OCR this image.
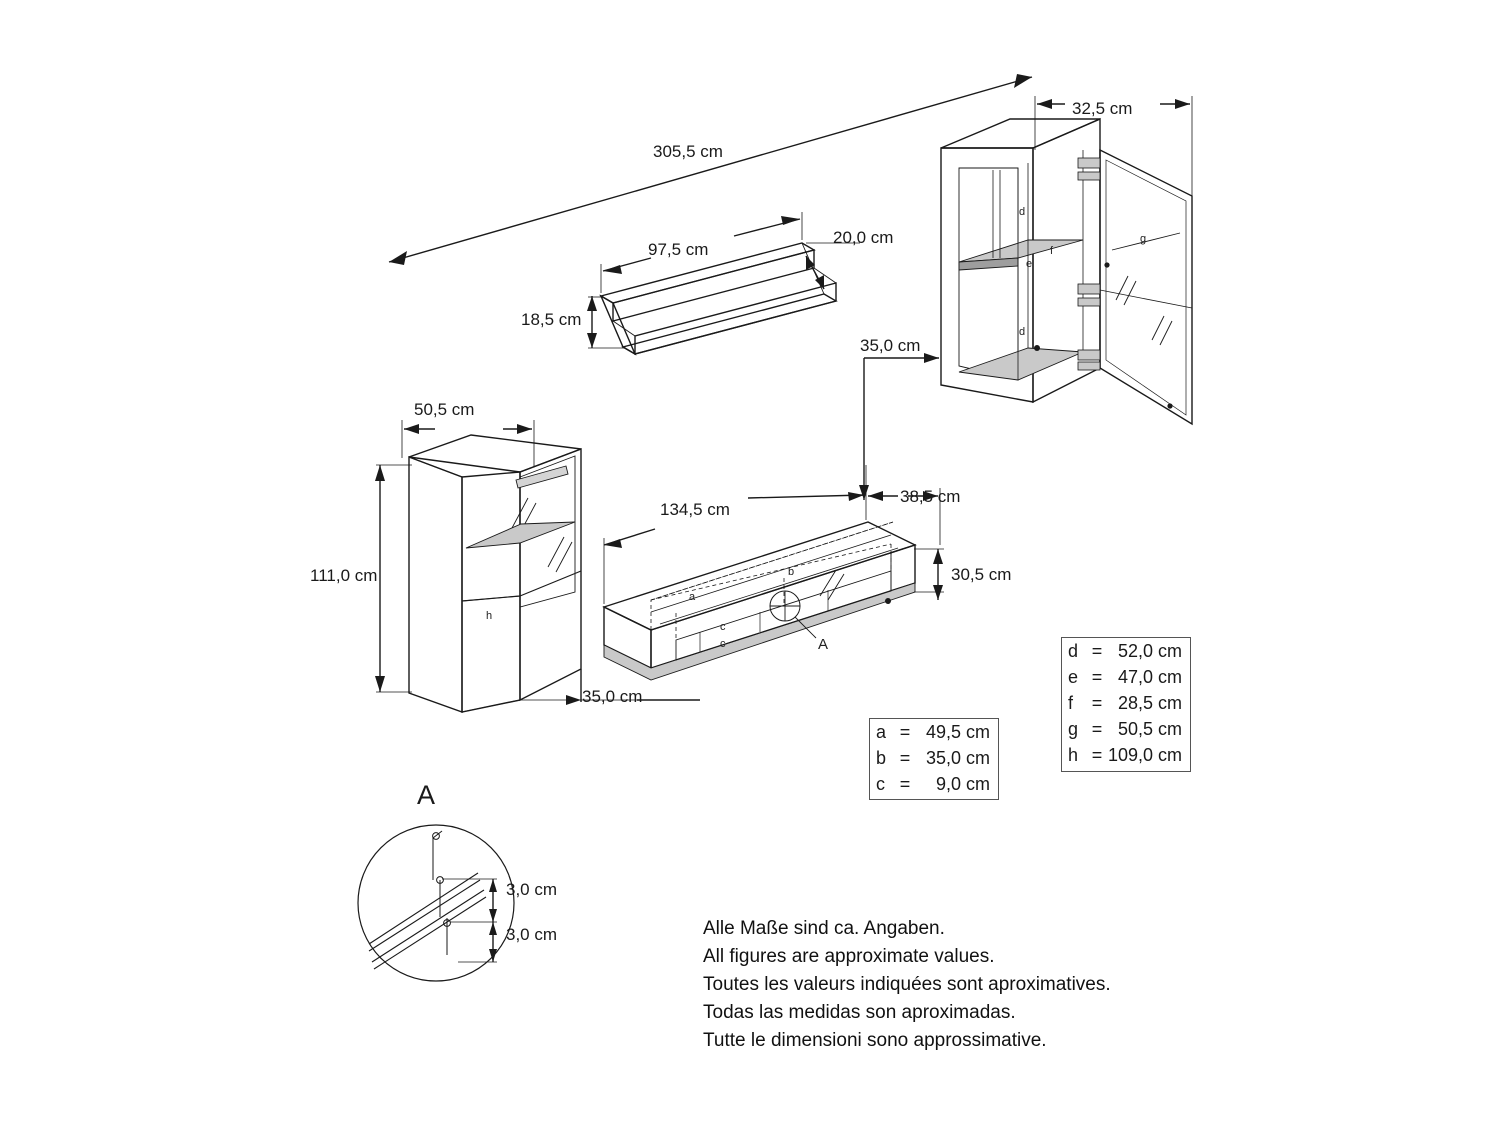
305,5 cm
32,5 cm
97,5 cm
20,0 cm
18,5 cm
35,0 cm
50,5 cm
111,0 cm
134,5 cm
38,5 cm
30,5 cm
35,0 cm
3,0 cm
3,0 cm
a
b
c
c
d
d
e
f
g
h
A
A
a = 49,5 cm
b = 35,0 cm
c =	9,0 cm
d = 52,0 cm
e = 47,0 cm
f	= 28,5 cm
g = 50,5 cm
h = 109,0 cm
Alle Maße sind ca. Angaben.
All figures are approximate values.
Toutes les valeurs indiquées sont aproximatives.
Todas las medidas son aproximadas.
Tutte le dimensioni sono approssimative.
